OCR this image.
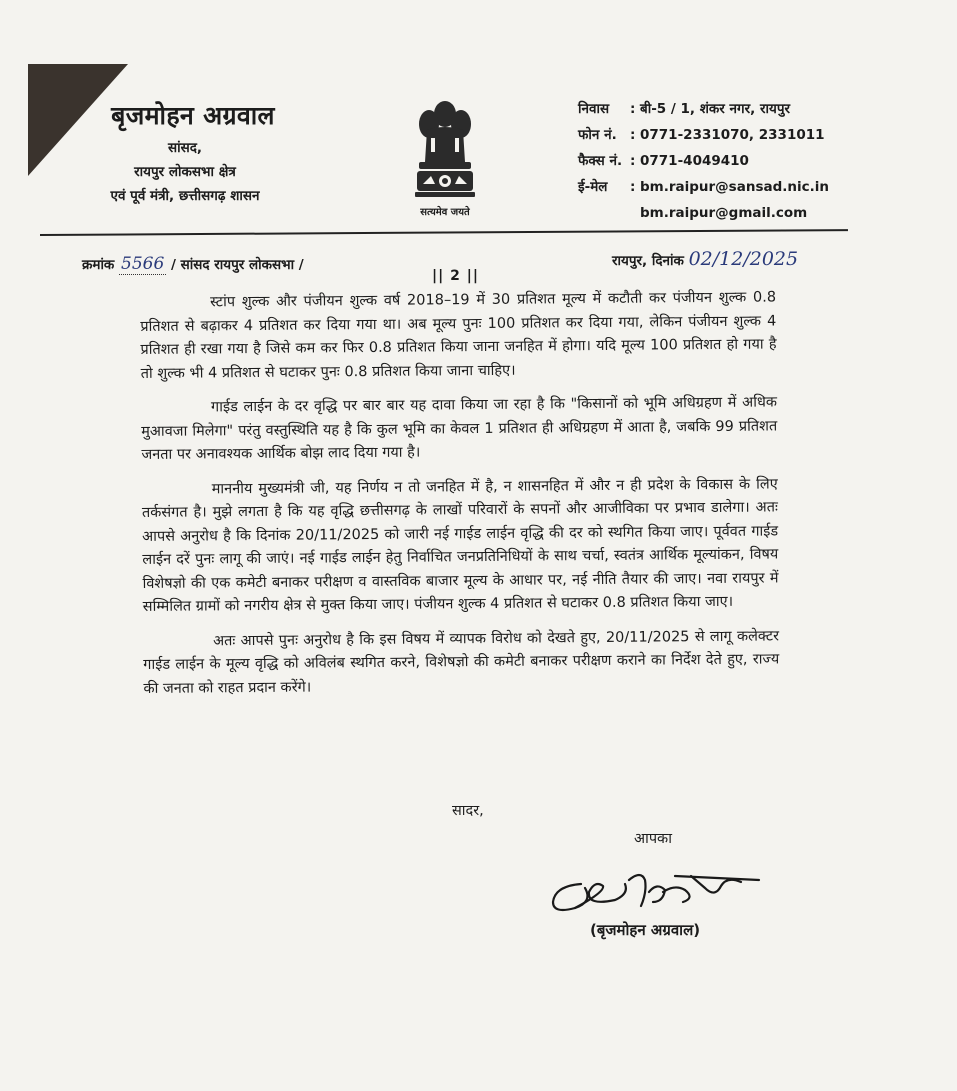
बृजमोहन अग्रवाल
सांसद,
रायपुर लोकसभा क्षेत्र
एवं पूर्व मंत्री, छत्तीसगढ़ शासन
सत्यमेव जयते
निवास	: बी-5 / 1, शंकर नगर, रायपुर
फोन नं. : 0771-2331070, 2331011
फैक्स नं. : 0771-4049410
ई-मेल	: bm.raipur@sansad.nic.in
bm.raipur@gmail.com
क्रमांक 5566 / सांसद रायपुर लोकसभा /	रायपुर, दिनांक 02/12/2025
|| 2 ||

स्टांप शुल्क और पंजीयन शुल्क वर्ष 2018–19 में 30 प्रतिशत मूल्य में कटौती कर पंजीयन शुल्क 0.8 प्रतिशत से बढ़ाकर 4 प्रतिशत कर दिया गया था। अब मूल्य पुनः 100 प्रतिशत कर दिया गया, लेकिन पंजीयन शुल्क 4 प्रतिशत ही रखा गया है जिसे कम कर फिर 0.8 प्रतिशत किया जाना जनहित में होगा। यदि मूल्य 100 प्रतिशत हो गया है तो शुल्क भी 4 प्रतिशत से घटाकर पुनः 0.8 प्रतिशत किया जाना चाहिए।

गाईड लाईन के दर वृद्धि पर बार बार यह दावा किया जा रहा है कि "किसानों को भूमि अधिग्रहण में अधिक मुआवजा मिलेगा" परंतु वस्तुस्थिति यह है कि कुल भूमि का केवल 1 प्रतिशत ही अधिग्रहण में आता है, जबकि 99 प्रतिशत जनता पर अनावश्यक आर्थिक बोझ लाद दिया गया है।

माननीय मुख्यमंत्री जी, यह निर्णय न तो जनहित में है, न शासनहित में और न ही प्रदेश के विकास के लिए तर्कसंगत है। मुझे लगता है कि यह वृद्धि छत्तीसगढ़ के लाखों परिवारों के सपनों और आजीविका पर प्रभाव डालेगा। अतः आपसे अनुरोध है कि दिनांक 20/11/2025 को जारी नई गाईड लाईन वृद्धि की दर को स्थगित किया जाए। पूर्ववत गाईड लाईन दरें पुनः लागू की जाएं। नई गाईड लाईन हेतु निर्वाचित जनप्रतिनिधियों के साथ चर्चा, स्वतंत्र आर्थिक मूल्यांकन, विषय विशेषज्ञो की एक कमेटी बनाकर परीक्षण व वास्तविक बाजार मूल्य के आधार पर, नई नीति तैयार की जाए। नवा रायपुर में सम्मिलित ग्रामों को नगरीय क्षेत्र से मुक्त किया जाए। पंजीयन शुल्क 4 प्रतिशत से घटाकर 0.8 प्रतिशत किया जाए।

अतः आपसे पुनः अनुरोध है कि इस विषय में व्यापक विरोध को देखते हुए, 20/11/2025 से लागू कलेक्टर गाईड लाईन के मूल्य वृद्धि को अविलंब स्थगित करने, विशेषज्ञो की कमेटी बनाकर परीक्षण कराने का निर्देश देते हुए, राज्य की जनता को राहत प्रदान करेंगे।

सादर,
आपका
(बृजमोहन अग्रवाल)
